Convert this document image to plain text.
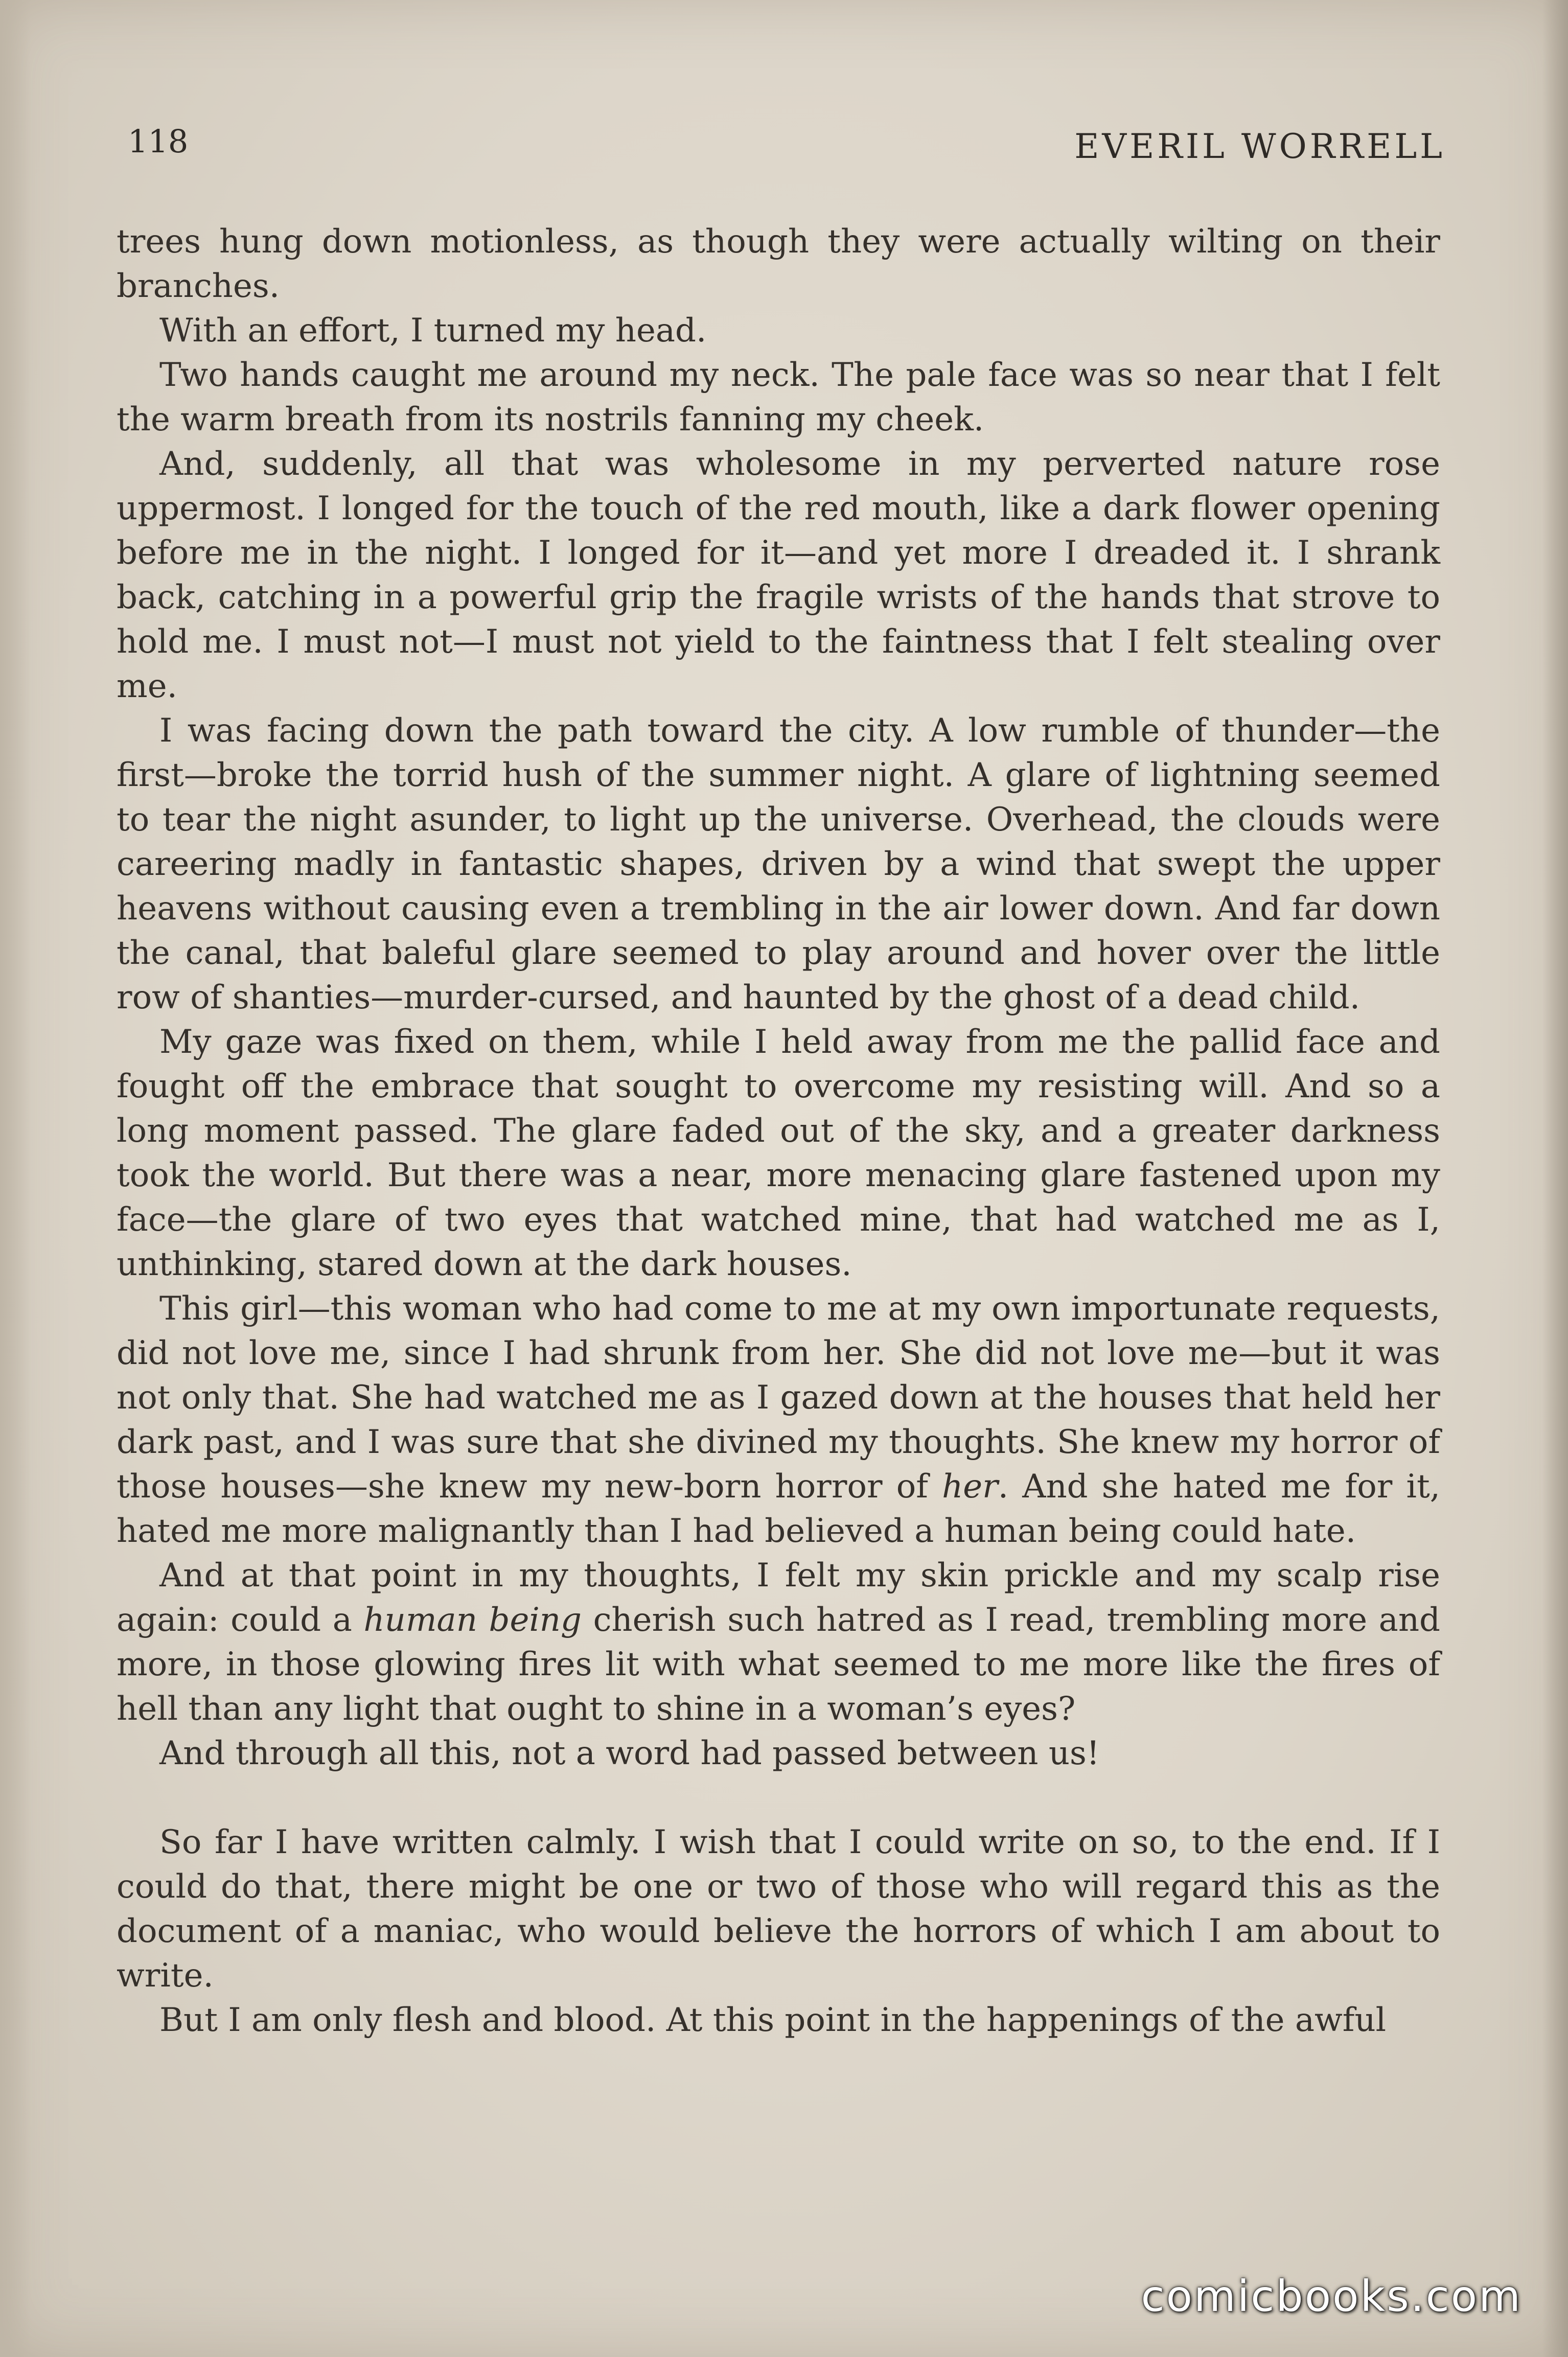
118	EVERIL WORRELL

trees hung down motionless, as though they were actually wilting on their branches.

With an effort, I turned my head.

Two hands caught me around my neck. The pale face was so near that I felt the warm breath from its nostrils fanning my cheek.

And, suddenly, all that was wholesome in my perverted nature rose uppermost. I longed for the touch of the red mouth, like a dark flower opening before me in the night. I longed for it—and yet more I dreaded it. I shrank back, catching in a powerful grip the fragile wrists of the hands that strove to hold me. I must not—I must not yield to the faintness that I felt stealing over me.

I was facing down the path toward the city. A low rumble of thunder—the first—broke the torrid hush of the summer night. A glare of lightning seemed to tear the night asunder, to light up the universe. Overhead, the clouds were careering madly in fantastic shapes, driven by a wind that swept the upper heavens without causing even a trembling in the air lower down. And far down the canal, that baleful glare seemed to play around and hover over the little row of shanties—murder-cursed, and haunted by the ghost of a dead child.

My gaze was fixed on them, while I held away from me the pallid face and fought off the embrace that sought to overcome my resisting will. And so a long moment passed. The glare faded out of the sky, and a greater darkness took the world. But there was a near, more menacing glare fastened upon my face—the glare of two eyes that watched mine, that had watched me as I, unthinking, stared down at the dark houses.

This girl—this woman who had come to me at my own importunate requests, did not love me, since I had shrunk from her. She did not love me—but it was not only that. She had watched me as I gazed down at the houses that held her dark past, and I was sure that she divined my thoughts. She knew my horror of those houses—she knew my new-born horror of her. And she hated me for it, hated me more malignantly than I had believed a human being could hate.

And at that point in my thoughts, I felt my skin prickle and my scalp rise again: could a human being cherish such hatred as I read, trembling more and more, in those glowing fires lit with what seemed to me more like the fires of hell than any light that ought to shine in a woman’s eyes?

And through all this, not a word had passed between us!

So far I have written calmly. I wish that I could write on so, to the end. If I could do that, there might be one or two of those who will regard this as the document of a maniac, who would believe the horrors of which I am about to write.

But I am only flesh and blood. At this point in the happenings of the awful

comicbooks.com
